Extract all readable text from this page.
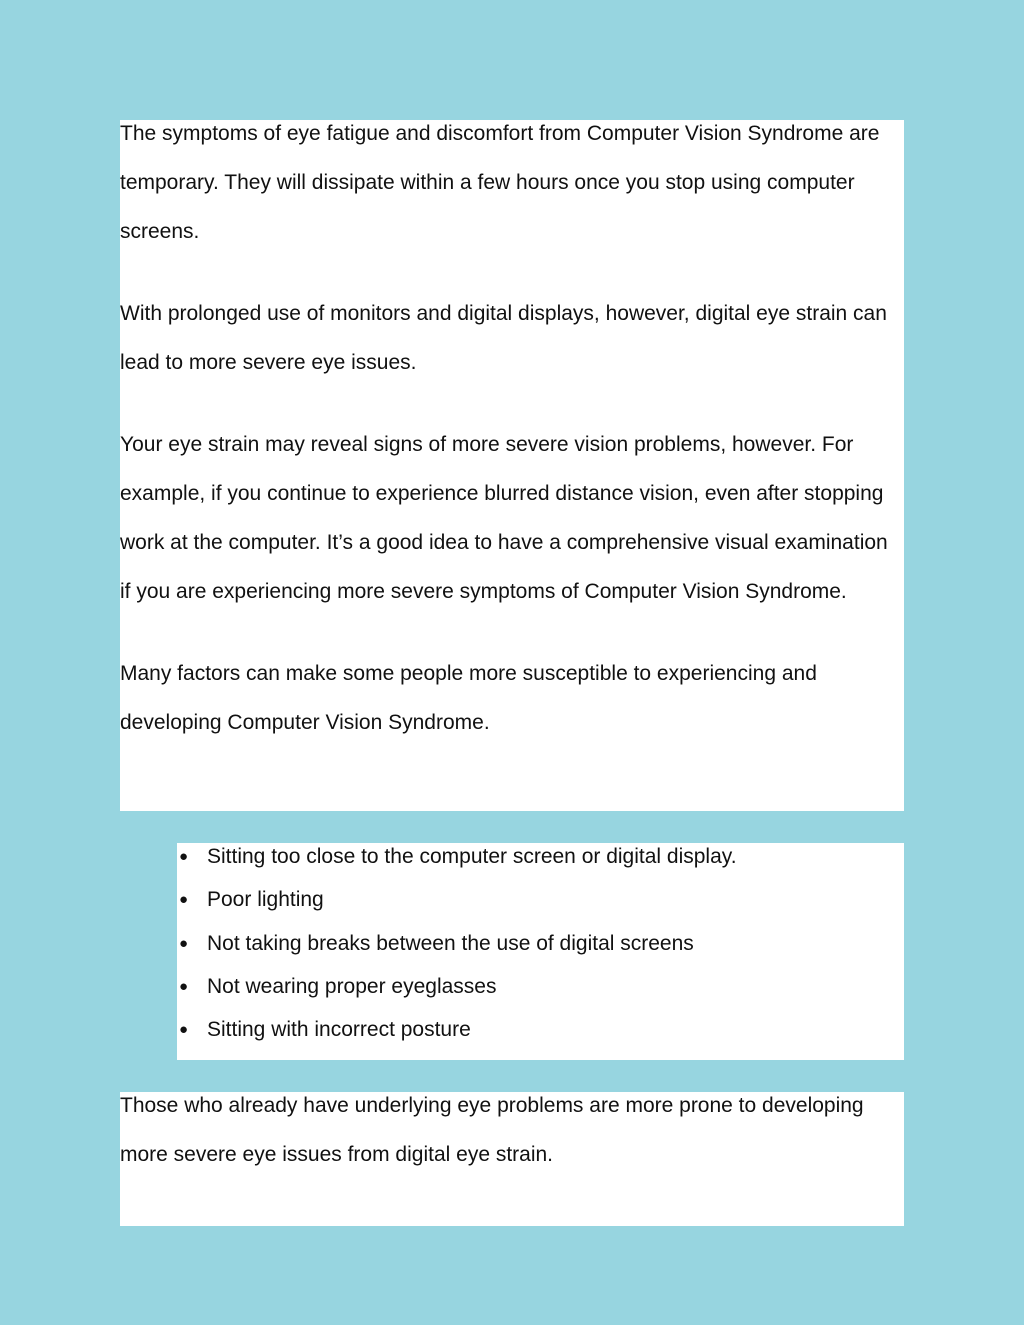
The symptoms of eye fatigue and discomfort from Computer Vision Syndrome are temporary. They will dissipate within a few hours once you stop using computer screens.

With prolonged use of monitors and digital displays, however, digital eye strain can lead to more severe eye issues.

Your eye strain may reveal signs of more severe vision problems, however. For example, if you continue to experience blurred distance vision, even after stopping work at the computer. It’s a good idea to have a comprehensive visual examination if you are experiencing more severe symptoms of Computer Vision Syndrome.

Many factors can make some people more susceptible to experiencing and developing Computer Vision Syndrome.

● Sitting too close to the computer screen or digital display.
● Poor lighting
● Not taking breaks between the use of digital screens
● Not wearing proper eyeglasses
● Sitting with incorrect posture

Those who already have underlying eye problems are more prone to developing more severe eye issues from digital eye strain.
